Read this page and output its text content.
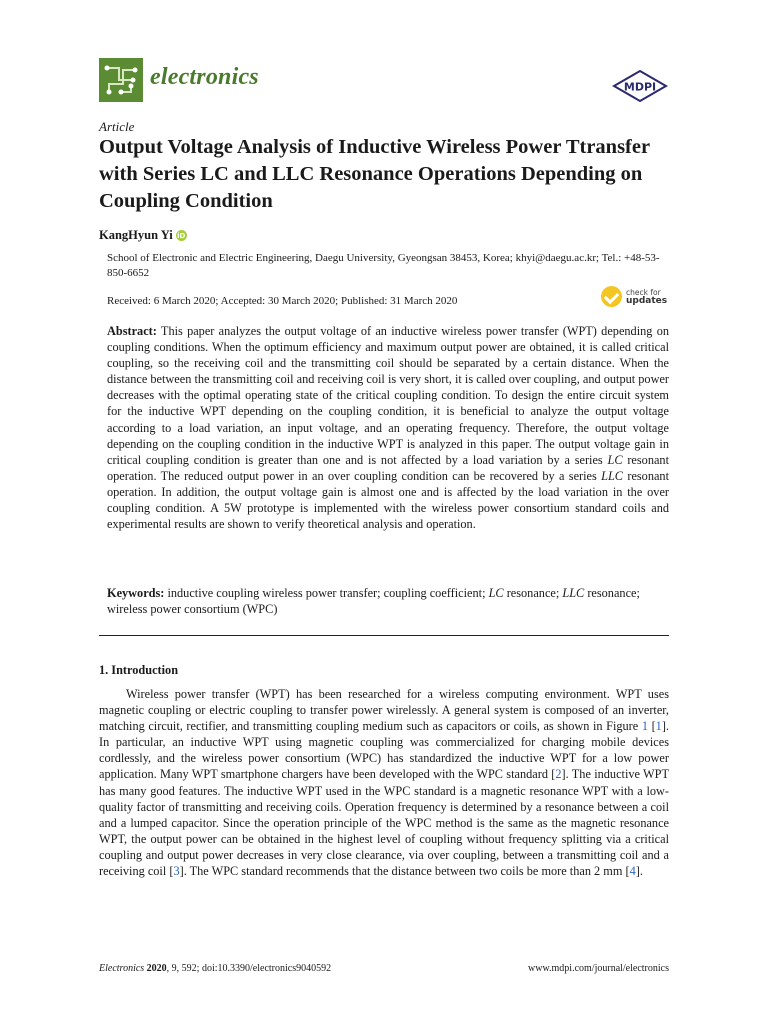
electronics	MDPI
Article
Output Voltage Analysis of Inductive Wireless Power Ttransfer with Series LC and LLC Resonance Operations Depending on Coupling Condition
KangHyun Yi iD
School of Electronic and Electric Engineering, Daegu University, Gyeongsan 38453, Korea; khyi@daegu.ac.kr; Tel.: +48-53-850-6652
Received: 6 March 2020; Accepted: 30 March 2020; Published: 31 March 2020
check for
updates
Abstract: This paper analyzes the output voltage of an inductive wireless power transfer (WPT) depending on coupling conditions. When the optimum efficiency and maximum output power are obtained, it is called critical coupling, so the receiving coil and the transmitting coil should be separated by a certain distance. When the distance between the transmitting coil and receiving coil is very short, it is called over coupling, and output power decreases with the optimal operating state of the critical coupling condition. To design the entire circuit system for the inductive WPT depending on the coupling condition, it is beneficial to analyze the output voltage according to a load variation, an input voltage, and an operating frequency. Therefore, the output voltage depending on the coupling condition in the inductive WPT is analyzed in this paper. The output voltage gain in critical coupling condition is greater than one and is not affected by a load variation by a series LC resonant operation. The reduced output power in an over coupling condition can be recovered by a series LLC resonant operation. In addition, the output voltage gain is almost one and is affected by the load variation in the over coupling condition. A 5W prototype is implemented with the wireless power consortium standard coils and experimental results are shown to verify theoretical analysis and operation.
Keywords: inductive coupling wireless power transfer; coupling coefficient; LC resonance; LLC resonance; wireless power consortium (WPC)
1. Introduction
Wireless power transfer (WPT) has been researched for a wireless computing environment. WPT uses magnetic coupling or electric coupling to transfer power wirelessly. A general system is composed of an inverter, matching circuit, rectifier, and transmitting coupling medium such as capacitors or coils, as shown in Figure 1 [1]. In particular, an inductive WPT using magnetic coupling was commercialized for charging mobile devices cordlessly, and the wireless power consortium (WPC) has standardized the inductive WPT for a low power application. Many WPT smartphone chargers have been developed with the WPC standard [2]. The inductive WPT has many good features. The inductive WPT used in the WPC standard is a magnetic resonance WPT with a low-quality factor of transmitting and receiving coils. Operation frequency is determined by a resonance between a coil and a lumped capacitor. Since the operation principle of the WPC method is the same as the magnetic resonance WPT, the output power can be obtained in the highest level of coupling without frequency splitting via a critical coupling and output power decreases in very close clearance, via over coupling, between a transmitting coil and a receiving coil [3]. The WPC standard recommends that the distance between two coils be more than 2 mm [4].
Electronics 2020, 9, 592; doi:10.3390/electronics9040592	www.mdpi.com/journal/electronics
